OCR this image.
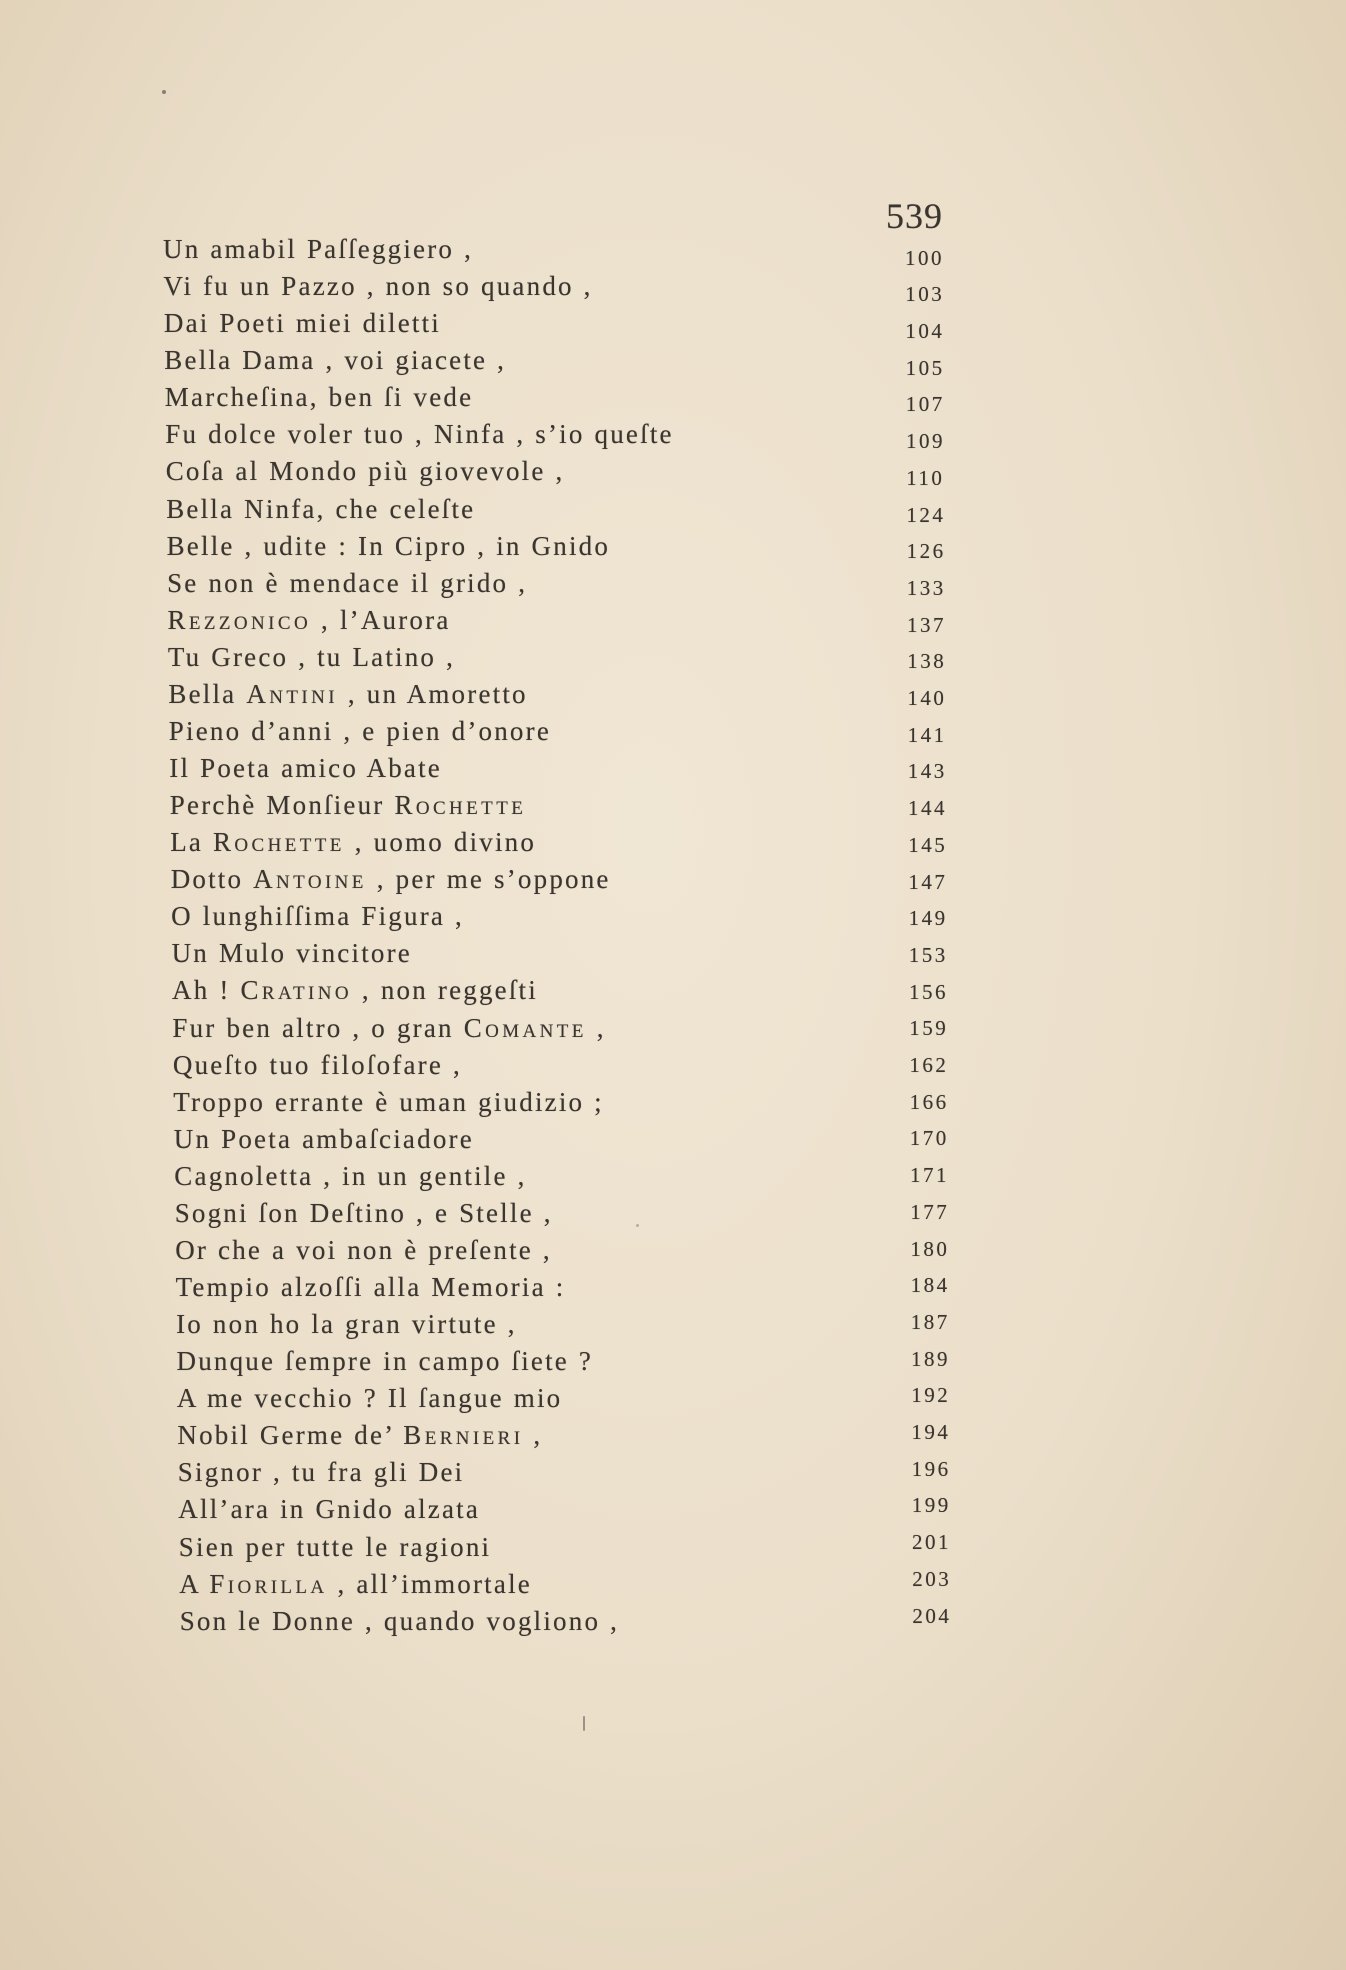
539
Un amabil Paſſeggiero ,	100
Vi fu un Pazzo , non so quando ,	103
Dai Poeti miei diletti	104
Bella Dama , voi giacete ,	105
Marcheſina, ben ſi vede	107
Fu dolce voler tuo , Ninfa , s’io queſte	109
Coſa al Mondo più giovevole ,	110
Bella Ninfa, che celeſte	124
Belle , udite : In Cipro , in Gnido	126
Se non è mendace il grido ,	133
Rezzonico , l’Aurora	137
Tu Greco , tu Latino ,	138
Bella Antini , un Amoretto	140
Pieno d’anni , e pien d’onore	141
Il Poeta amico Abate	143
Perchè Monſieur Rochette	144
La Rochette , uomo divino	145
Dotto Antoine , per me s’oppone	147
O lunghiſſima Figura ,	149
Un Mulo vincitore	153
Ah ! Cratino , non reggeſti	156
Fur ben altro , o gran Comante ,	159
Queſto tuo filoſofare ,	162
Troppo errante è uman giudizio ;	166
Un Poeta ambaſciadore	170
Cagnoletta , in un gentile ,	171
Sogni ſon Deſtino , e Stelle ,	177
Or che a voi non è preſente ,	180
Tempio alzoſſi alla Memoria :	184
Io non ho la gran virtute ,	187
Dunque ſempre in campo ſiete ?	189
A me vecchio ? Il ſangue mio	192
Nobil Germe de’ Bernieri ,	194
Signor , tu fra gli Dei	196
All’ara in Gnido alzata	199
Sien per tutte le ragioni	201
A Fiorilla , all’immortale	203
Son le Donne , quando vogliono ,	204
